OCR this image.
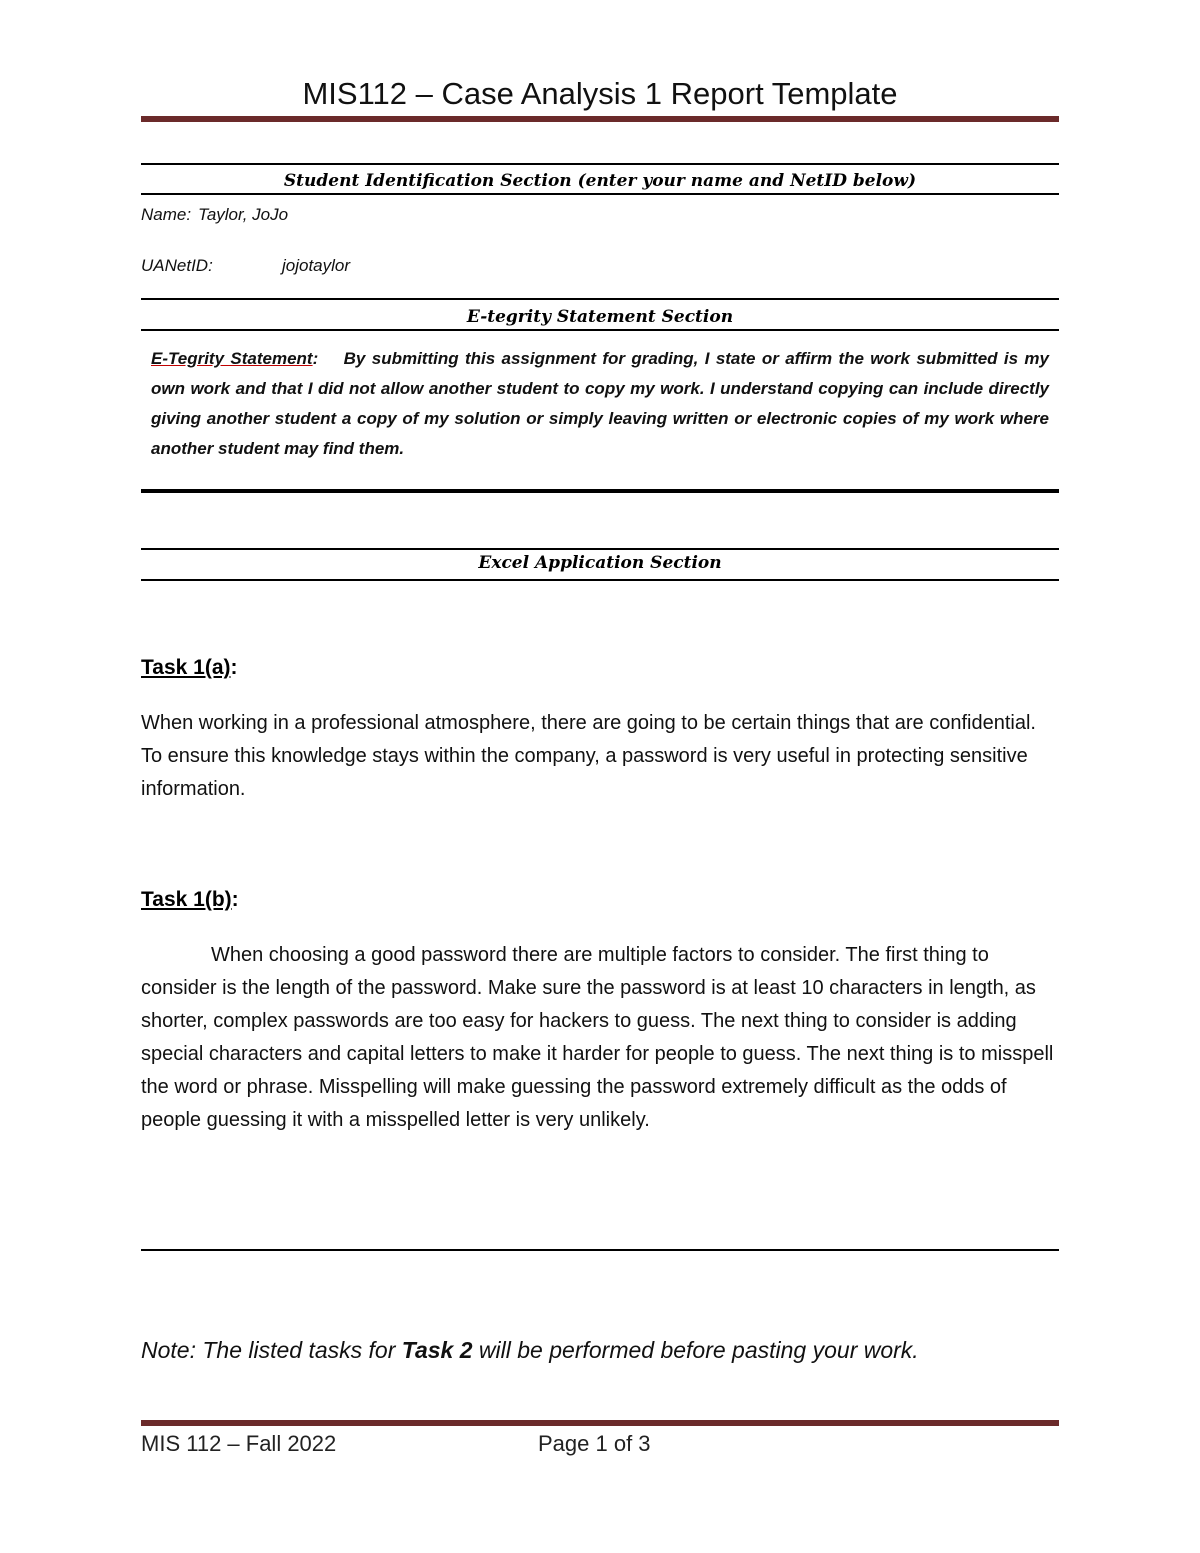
MIS112 – Case Analysis 1 Report Template
Student Identification Section (enter your name and NetID below)
Name: Taylor, JoJo
UANetID:	jojotaylor
E-tegrity Statement Section
E-Tegrity Statement: By submitting this assignment for grading, I state or affirm the work submitted is my own work and that I did not allow another student to copy my work. I understand copying can include directly giving another student a copy of my solution or simply leaving written or electronic copies of my work where another student may find them.
Excel Application Section
Task 1(a):
When working in a professional atmosphere, there are going to be certain things that are confidential. To ensure this knowledge stays within the company, a password is very useful in protecting sensitive information.
Task 1(b):
When choosing a good password there are multiple factors to consider. The first thing to consider is the length of the password. Make sure the password is at least 10 characters in length, as shorter, complex passwords are too easy for hackers to guess. The next thing to consider is adding special characters and capital letters to make it harder for people to guess. The next thing is to misspell the word or phrase. Misspelling will make guessing the password extremely difficult as the odds of people guessing it with a misspelled letter is very unlikely.
Note: The listed tasks for Task 2 will be performed before pasting your work.
MIS 112 – Fall 2022	Page 1 of 3
